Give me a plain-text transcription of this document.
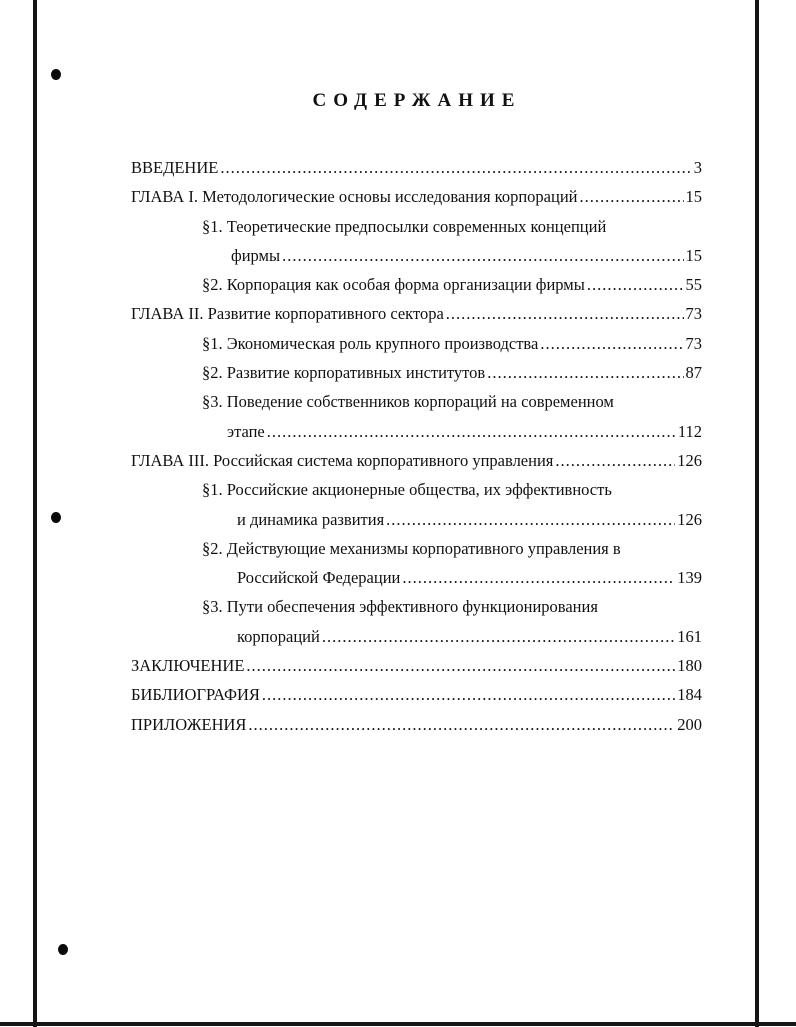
СОДЕРЖАНИЕ
ВВЕДЕНИЕ .....	3
ГЛАВА I. Методологические основы исследования корпораций .....	15
§1. Теоретические предпосылки современных концепций
фирмы .....	15
§2. Корпорация как особая форма организации фирмы .....	55
ГЛАВА II. Развитие корпоративного сектора .....	73
§1. Экономическая роль крупного производства .....	73
§2. Развитие корпоративных институтов .....	87
§3. Поведение собственников корпораций на современном
этапе .....	112
ГЛАВА III. Российская система корпоративного управления .....	126
§1. Российские акционерные общества, их эффективность
и динамика развития .....	126
§2. Действующие механизмы корпоративного управления в
Российской Федерации .....	139
§3. Пути обеспечения эффективного функционирования
корпораций .....	161
ЗАКЛЮЧЕНИЕ .....	180
БИБЛИОГРАФИЯ .....	184
ПРИЛОЖЕНИЯ .....	200
